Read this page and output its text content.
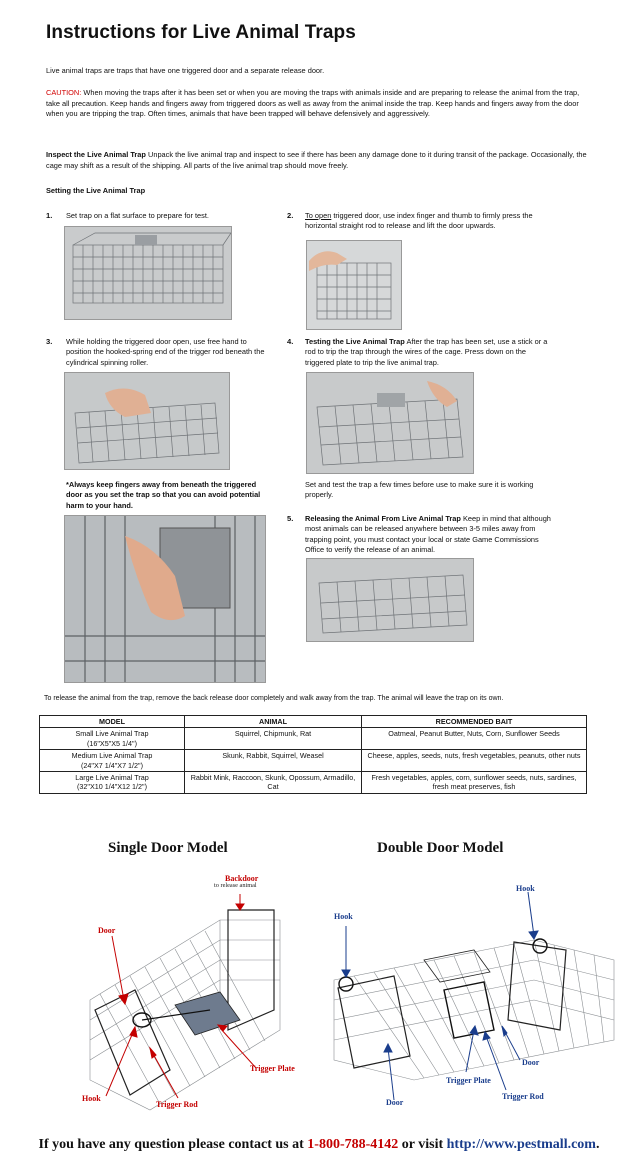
Instructions for Live Animal Traps

Live animal traps are traps that have one triggered door and a separate release door.

CAUTION: When moving the traps after it has been set or when you are moving the traps with animals inside and are preparing to release the animal from the trap, take all precaution. Keep hands and fingers away from triggered doors as well as away from the animal inside the trap. Keep hands and fingers away from the door when you are tripping the trap. Often times, animals that have been trapped will behave defensively and aggressively.

Inspect the Live Animal Trap Unpack the live animal trap and inspect to see if there has been any damage done to it during transit of the package. Occasionally, the cage may shift as a result of the shipping. All parts of the live animal trap should move freely.

Setting the Live Animal Trap

1. Set trap on a flat surface to prepare for test.	2. To open triggered door, use index finger and thumb to firmly press the horizontal straight rod to release and lift the door upwards.
3. While holding the triggered door open, use free hand to position the hooked-spring end of the trigger rod beneath the cylindrical spinning roller.
*Always keep fingers away from beneath the triggered door as you set the trap so that you can avoid potential harm to your hand.
4. Testing the Live Animal Trap After the trap has been set, use a stick or a rod to trip the trap through the wires of the cage. Press down on the triggered plate to trip the live animal trap.
Set and test the trap a few times before use to make sure it is working properly.
5. Releasing the Animal From Live Animal Trap Keep in mind that although most animals can be released anywhere between 3-5 miles away from trapping point, you must contact your local or state Game Commissions Office to verify the release of an animal.

To release the animal from the trap, remove the back release door completely and walk away from the trap. The animal will leave the trap on its own.

MODEL	ANIMAL	RECOMMENDED BAIT
Small Live Animal Trap
(16"X5"X5 1/4")	Squirrel, Chipmunk, Rat	Oatmeal, Peanut Butter, Nuts, Corn, Sunflower Seeds
Medium Live Animal Trap
(24"X7 1/4"X7 1/2")	Skunk, Rabbit, Squirrel, Weasel	Cheese, apples, seeds, nuts, fresh vegetables, peanuts, other nuts
Large Live Animal Trap
(32"X10 1/4"X12 1/2")	Rabbit Mink, Raccoon, Skunk, Opossum, Armadillo, Cat	Fresh vegetables, apples, corn, sunflower seeds, nuts, sardines, fresh meat preserves, fish
Single Door Model
Backdoor
to release animal
Door
Trigger Plate
Hook
Trigger Rod
Double Door Model
Hook
Hook
Door
Trigger Plate
Door
Trigger Rod
If you have any question please contact us at 1-800-788-4142 or visit http://www.pestmall.com.
